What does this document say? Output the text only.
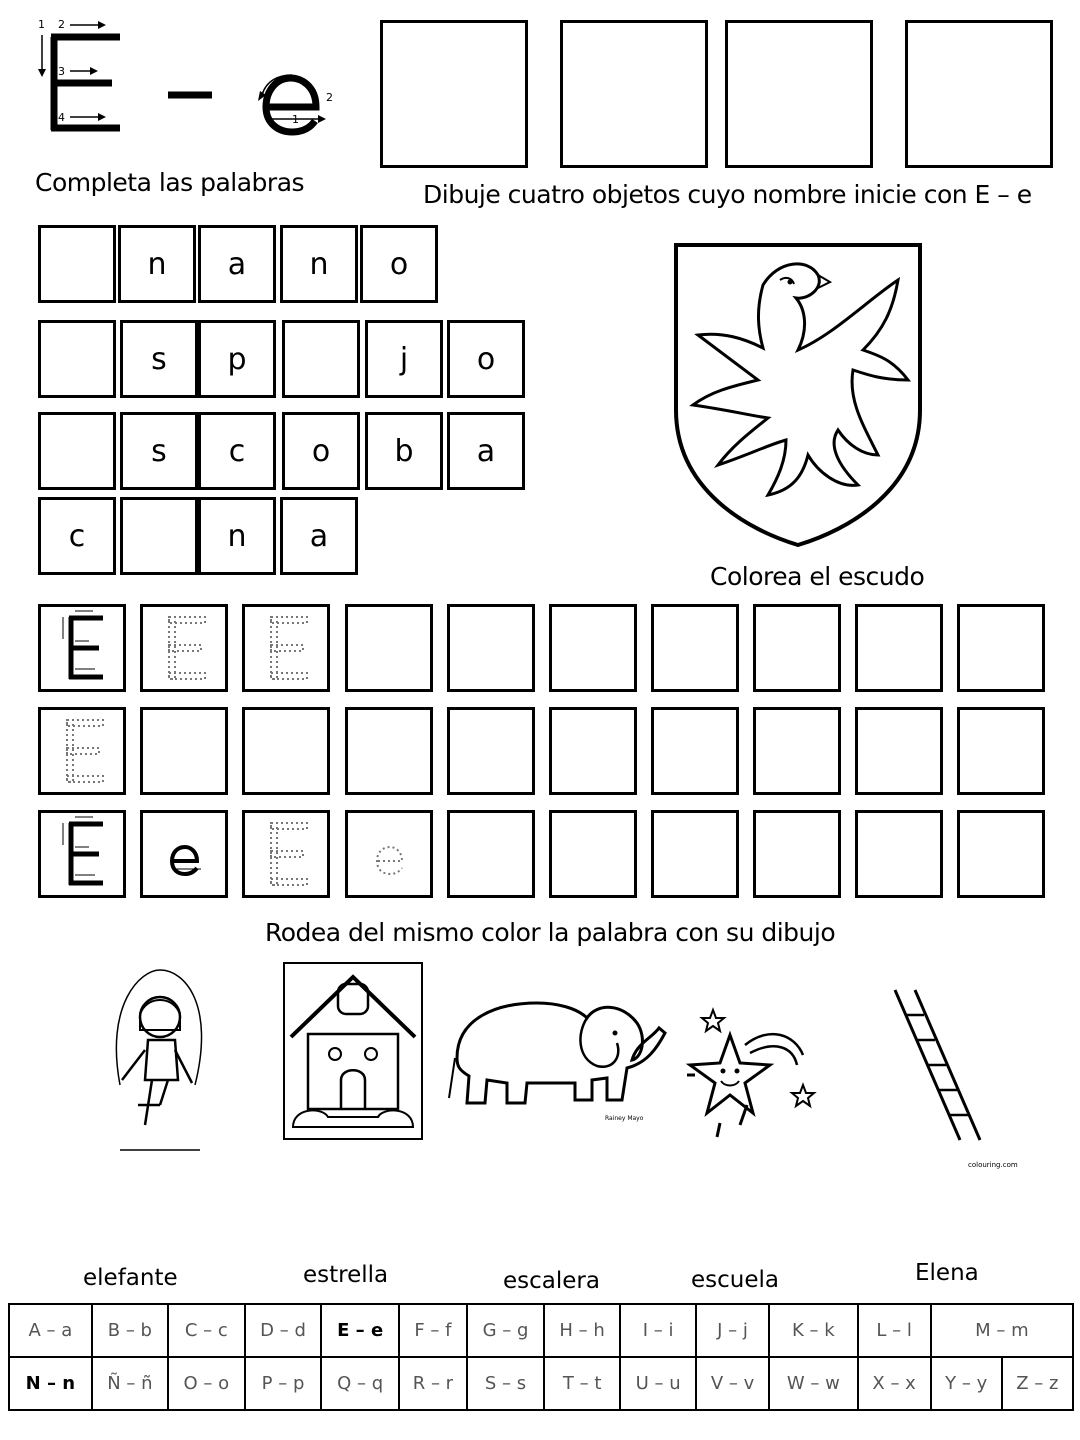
1 2
3
4	1
2
Completa las palabras	Dibuje cuatro objetos cuyo nombre inicie con E – e
n	a	n	o
s	p	j	o
s	c	o	b	a
c	n	a
Colorea el escudo
Rodea del mismo color la palabra con su dibujo
Rainey Mayo
colouring.com
elefante	estrella	escalera	escuela	Elena
A – a	B – b	C – c	D – d	E – e	F – f	G – g	H – h	I – i	J – j	K – k	L – l	M – m	
N – n	Ñ – ñ	O – o	P – p	Q – q	R – r	S – s	T – t	U – u	V – v	W – w	X – x	Y – y	Z – z
